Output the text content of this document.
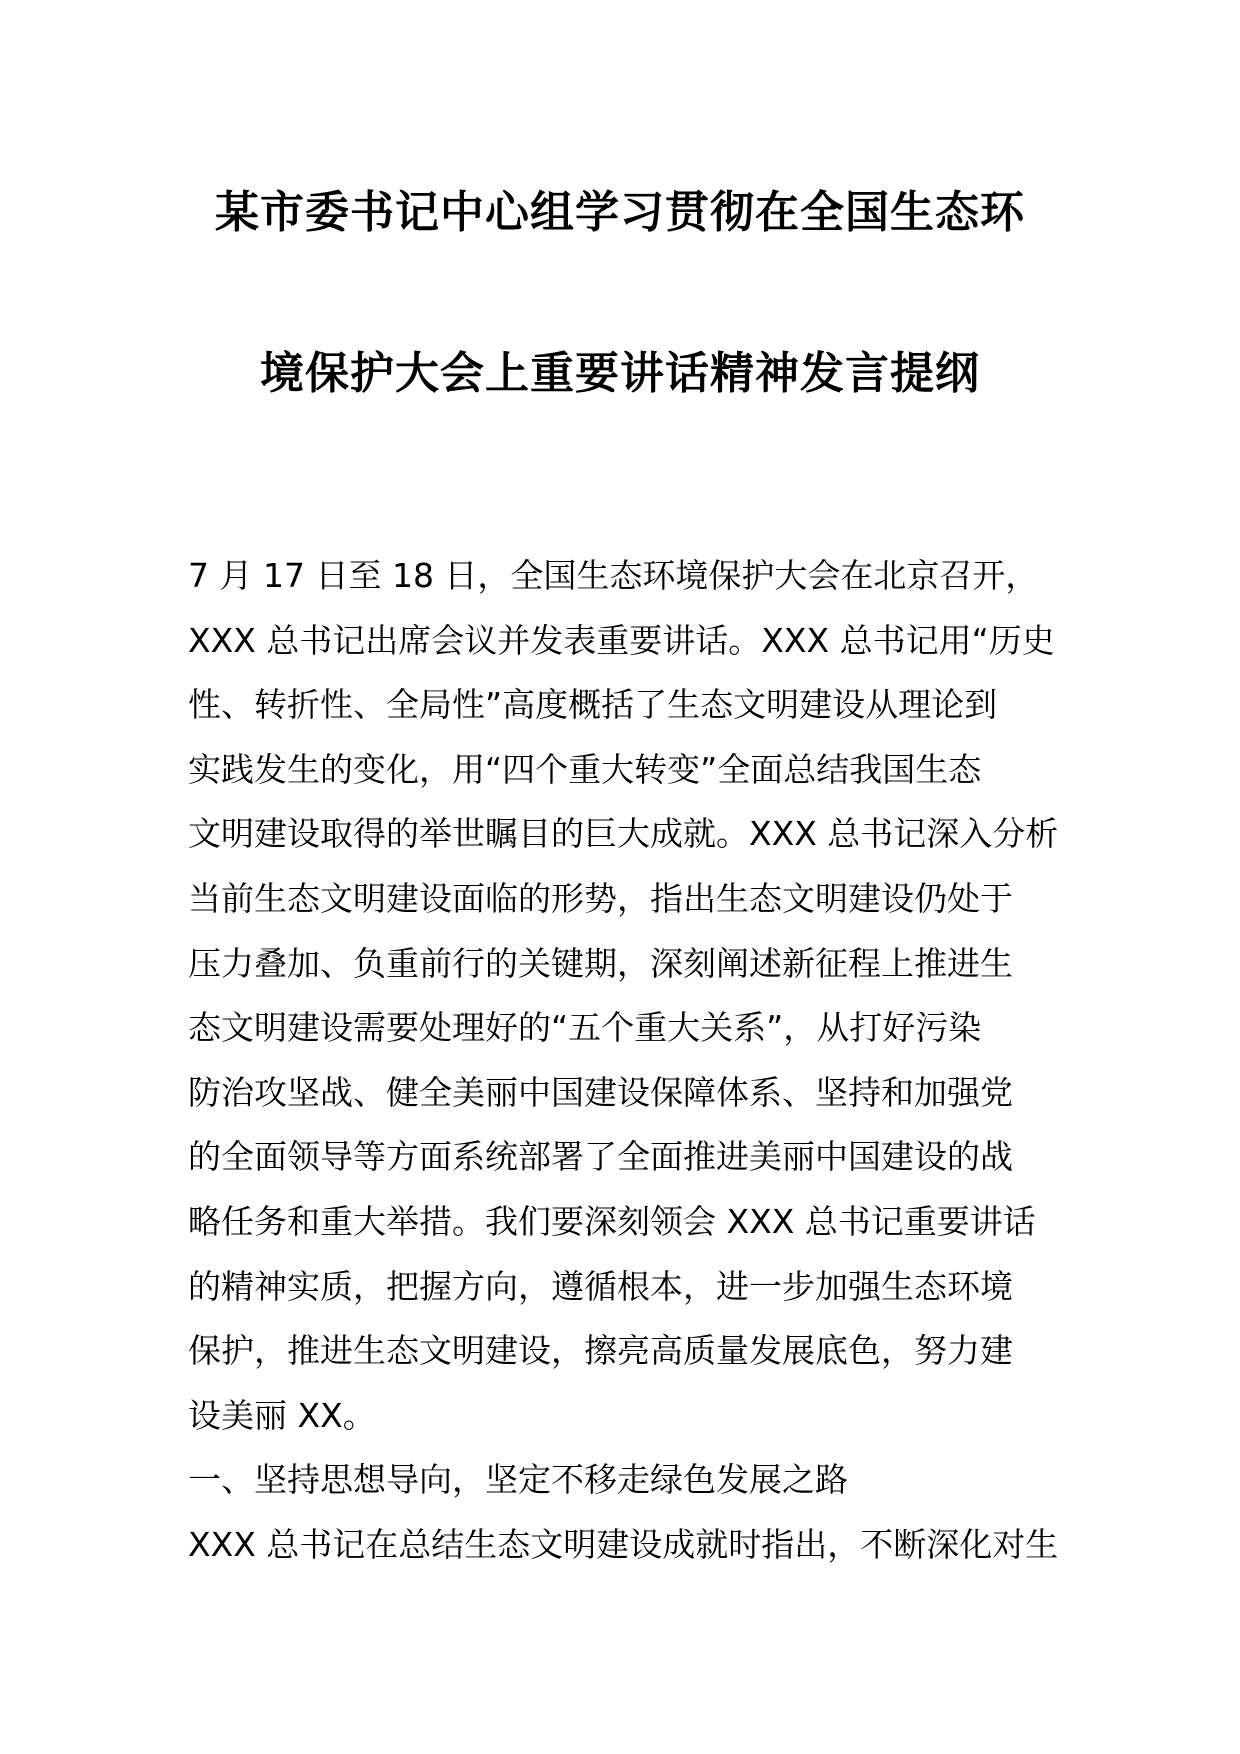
某市委书记中心组学习贯彻在全国生态环
境保护大会上重要讲话精神发言提纲
7 月 17 日至 18 日，全国生态环境保护大会在北京召开，
XXX 总书记出席会议并发表重要讲话。XXX 总书记用“历史
性、转折性、全局性”高度概括了生态文明建设从理论到
实践发生的变化，用“四个重大转变”全面总结我国生态
文明建设取得的举世瞩目的巨大成就。XXX 总书记深入分析
当前生态文明建设面临的形势，指出生态文明建设仍处于
压力叠加、负重前行的关键期，深刻阐述新征程上推进生
态文明建设需要处理好的“五个重大关系”，从打好污染
防治攻坚战、健全美丽中国建设保障体系、坚持和加强党
的全面领导等方面系统部署了全面推进美丽中国建设的战
略任务和重大举措。我们要深刻领会 XXX 总书记重要讲话
的精神实质，把握方向，遵循根本，进一步加强生态环境
保护，推进生态文明建设，擦亮高质量发展底色，努力建
设美丽 XX。
一、坚持思想导向，坚定不移走绿色发展之路
XXX 总书记在总结生态文明建设成就时指出，不断深化对生
